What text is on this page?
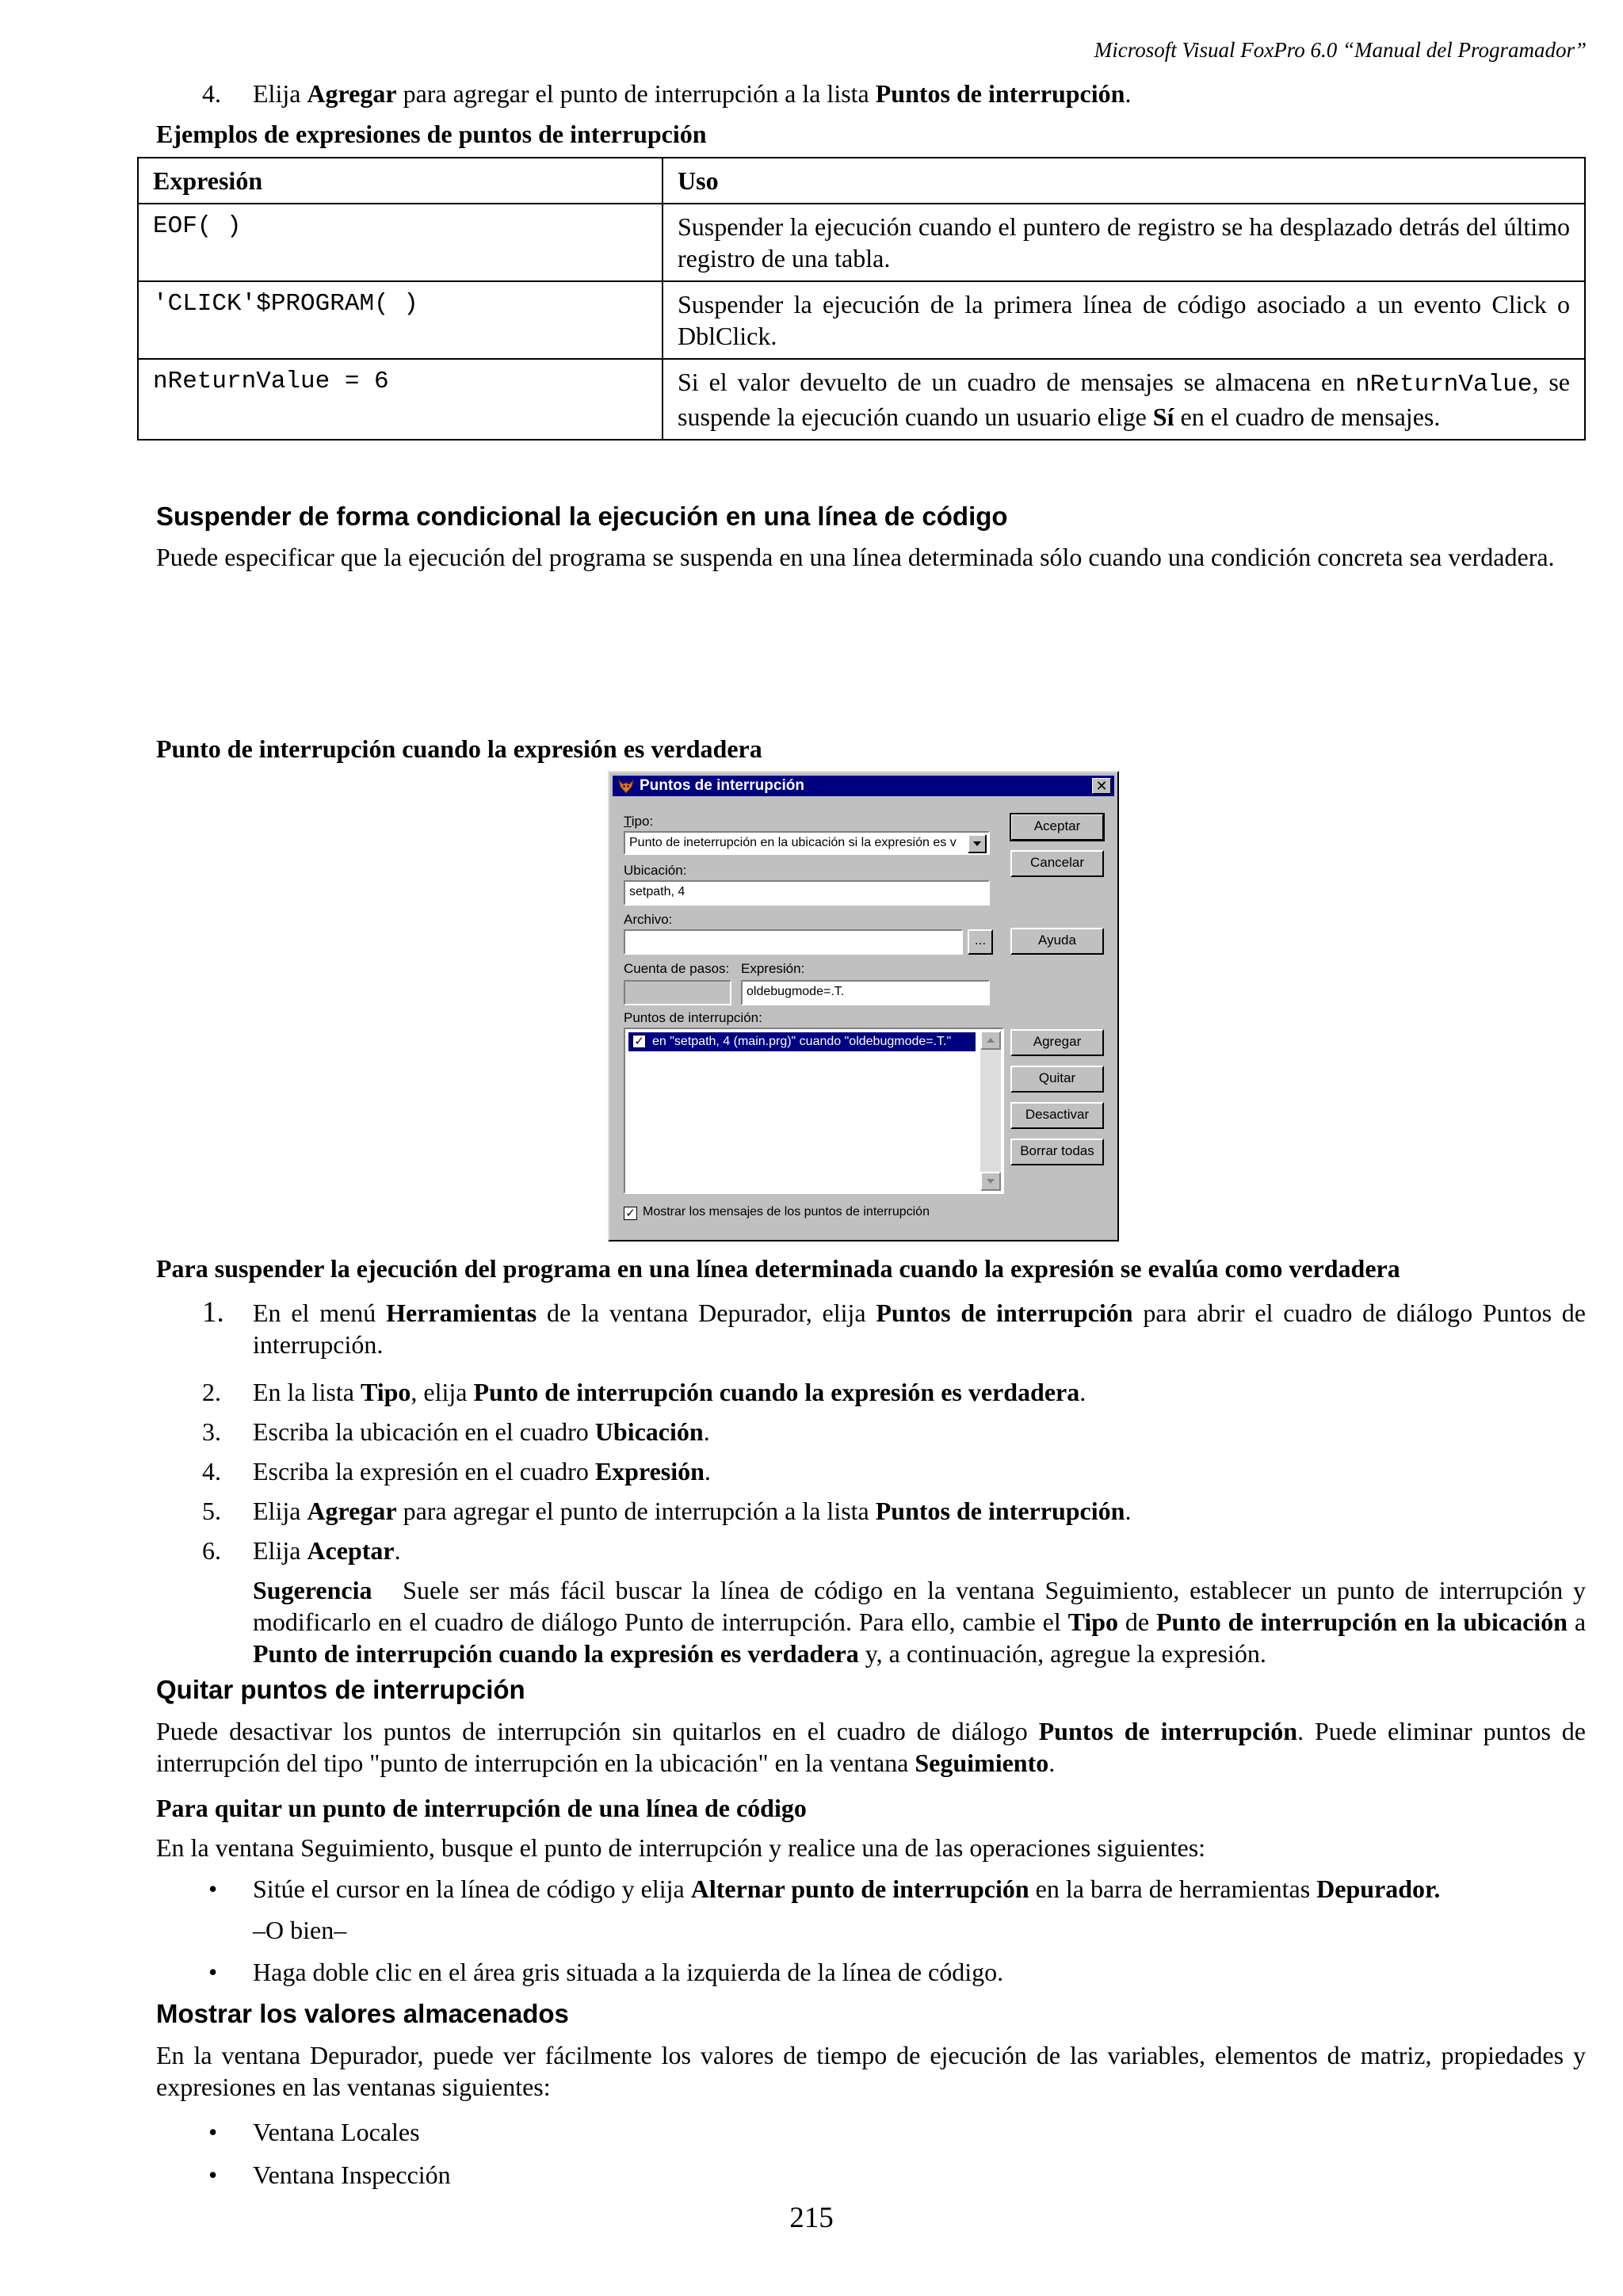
Microsoft Visual FoxPro 6.0 “Manual del Programador”
4. Elija Agregar para agregar el punto de interrupción a la lista Puntos de interrupción.
Ejemplos de expresiones de puntos de interrupción
Expresión	Uso
EOF( )	Suspender la ejecución cuando el puntero de registro se ha desplazado detrás del último registro de una tabla.
'CLICK'$PROGRAM( )	Suspender la ejecución de la primera línea de código asociado a un evento Click o DblClick.
nReturnValue = 6	Si el valor devuelto de un cuadro de mensajes se almacena en nReturnValue, se suspende la ejecución cuando un usuario elige Sí en el cuadro de mensajes.
Suspender de forma condicional la ejecución en una línea de código
Puede especificar que la ejecución del programa se suspenda en una línea determinada sólo cuando una condición concreta sea verdadera.
Punto de interrupción cuando la expresión es verdadera
Puntos de interrupción	✕
Tipo:
Punto de ineterrupción en la ubicación si la expresión es v
Ubicación:
setpath, 4
Archivo:
...
Cuenta de pasos: Expresión:
oldebugmode=.T.
Puntos de interrupción:
✓ en "setpath, 4 (main.prg)" cuando "oldebugmode=.T."
✓ Mostrar los mensajes de los puntos de interrupción
Aceptar
Cancelar
Ayuda
Agregar
Quitar
Desactivar
Borrar todas
Para suspender la ejecución del programa en una línea determinada cuando la expresión se evalúa como verdadera
1. En el menú Herramientas de la ventana Depurador, elija Puntos de interrupción para abrir el cuadro de diálogo Puntos de interrupción.
2. En la lista Tipo, elija Punto de interrupción cuando la expresión es verdadera.
3. Escriba la ubicación en el cuadro Ubicación.
4. Escriba la expresión en el cuadro Expresión.
5. Elija Agregar para agregar el punto de interrupción a la lista Puntos de interrupción.
6. Elija Aceptar.
Sugerencia   Suele ser más fácil buscar la línea de código en la ventana Seguimiento, establecer un punto de interrupción y modificarlo en el cuadro de diálogo Punto de interrupción. Para ello, cambie el Tipo de Punto de interrupción en la ubicación a Punto de interrupción cuando la expresión es verdadera y, a continuación, agregue la expresión.
Quitar puntos de interrupción
Puede desactivar los puntos de interrupción sin quitarlos en el cuadro de diálogo Puntos de interrupción. Puede eliminar puntos de interrupción del tipo "punto de interrupción en la ubicación" en la ventana Seguimiento.
Para quitar un punto de interrupción de una línea de código
En la ventana Seguimiento, busque el punto de interrupción y realice una de las operaciones siguientes:
• Sitúe el cursor en la línea de código y elija Alternar punto de interrupción en la barra de herramientas Depurador.
–O bien–
• Haga doble clic en el área gris situada a la izquierda de la línea de código.
Mostrar los valores almacenados
En la ventana Depurador, puede ver fácilmente los valores de tiempo de ejecución de las variables, elementos de matriz, propiedades y expresiones en las ventanas siguientes:
• Ventana Locales
• Ventana Inspección
215
